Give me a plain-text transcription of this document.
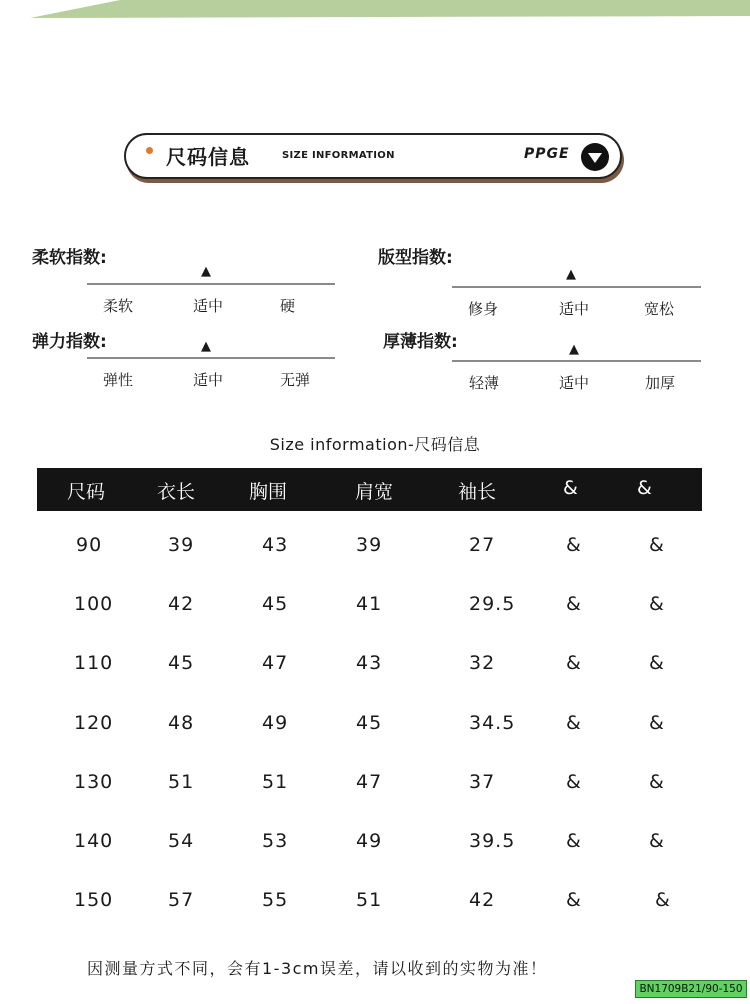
尺码信息	SIZE INFORMATION	PPGE
柔软指数:
▲
柔软	适中	硬
版型指数:
▲
修身	适中	宽松
弹力指数:	▲
弹性	适中	无弹
厚薄指数:	▲
轻薄	适中	加厚
Size information-尺码信息
尺码	衣长	胸围	肩宽	袖长	&	&
90	39	43	39	27	&	&
100	42	45	41	29.5	&	&
110	45	47	43	32	&	&
120	48	49	45	34.5	&	&
130	51	51	47	37	&	&
140	54	53	49	39.5	&	&
150	57	55	51	42	&	&
因测量方式不同，会有1-3cm误差，请以收到的实物为准！
BN1709B21/90-150
